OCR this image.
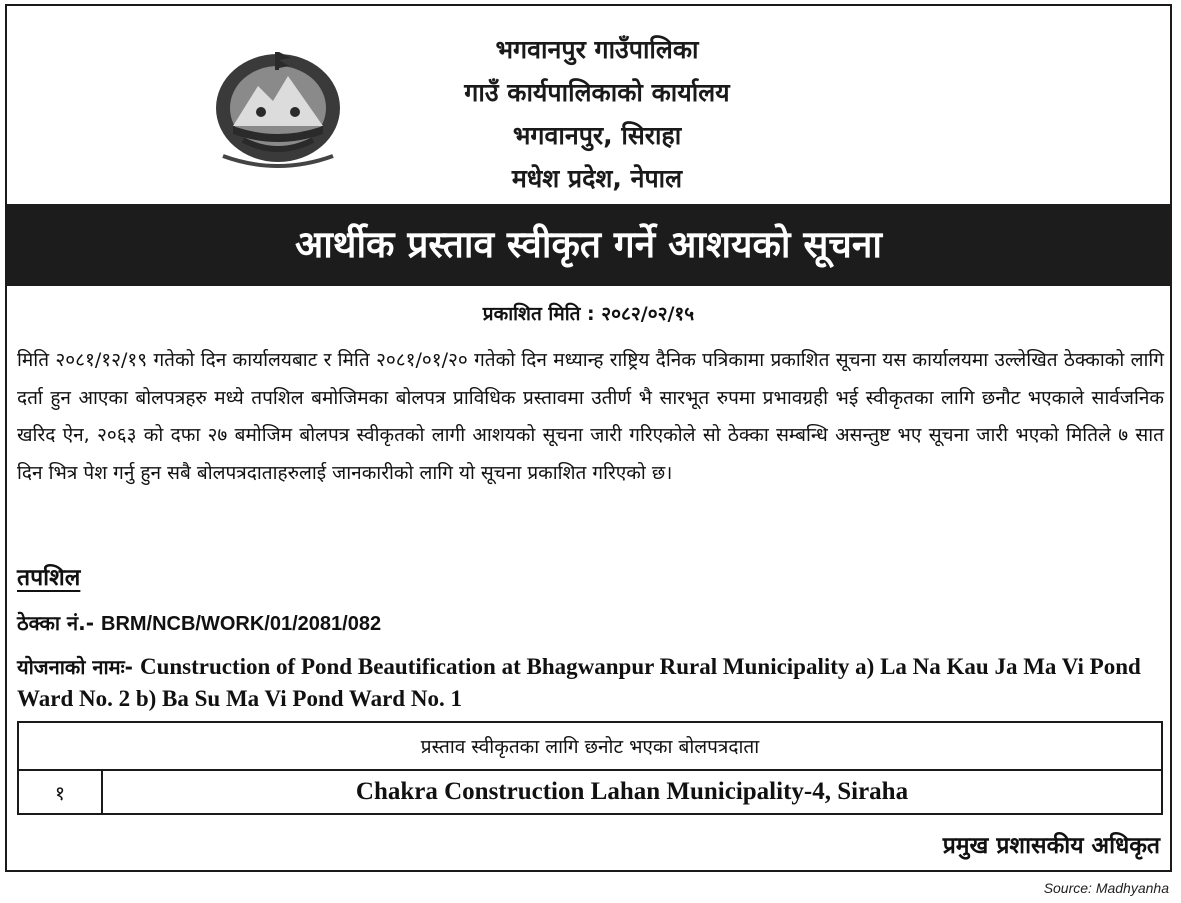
भगवानपुर गाउँपालिका
गाउँ कार्यपालिकाको कार्यालय
भगवानपुर, सिराहा
मधेश प्रदेश, नेपाल
आर्थीक प्रस्ताव स्वीकृत गर्ने आशयको सूचना
प्रकाशित मिति : २०८२/०२/१५

मिति २०८१/१२/१९ गतेको दिन कार्यालयबाट र मिति २०८१/०१/२० गतेको दिन मध्यान्ह राष्ट्रिय दैनिक पत्रिकामा प्रकाशित सूचना यस कार्यालयमा उल्लेखित ठेक्काको लागि दर्ता हुन आएका बोलपत्रहरु मध्ये तपशिल बमोजिमका बोलपत्र प्राविधिक प्रस्तावमा उतीर्ण भै सारभूत रुपमा प्रभावग्रही भई स्वीकृतका लागि छनौट भएकाले सार्वजनिक खरिद ऐन, २०६३ को दफा २७ बमोजिम बोलपत्र स्वीकृतको लागी आशयको सूचना जारी गरिएकोले सो ठेक्का सम्बन्धि असन्तुष्ट भए सूचना जारी भएको मितिले ७ सात दिन भित्र पेश गर्नु हुन सबै बोलपत्रदाताहरुलाई जानकारीको लागि यो सूचना प्रकाशित गरिएको छ।

तपशिल
ठेक्का नं.- BRM/NCB/WORK/01/2081/082
योजनाको नामः- Cunstruction of Pond Beautification at Bhagwanpur Rural Municipality a) La Na Kau Ja Ma Vi Pond Ward No. 2 b) Ba Su Ma Vi Pond Ward No. 1
प्रस्ताव स्वीकृतका लागि छनोट भएका बोलपत्रदाता
१	Chakra Construction Lahan Municipality-4, Siraha
प्रमुख प्रशासकीय अधिकृत
Source: Madhyanha
